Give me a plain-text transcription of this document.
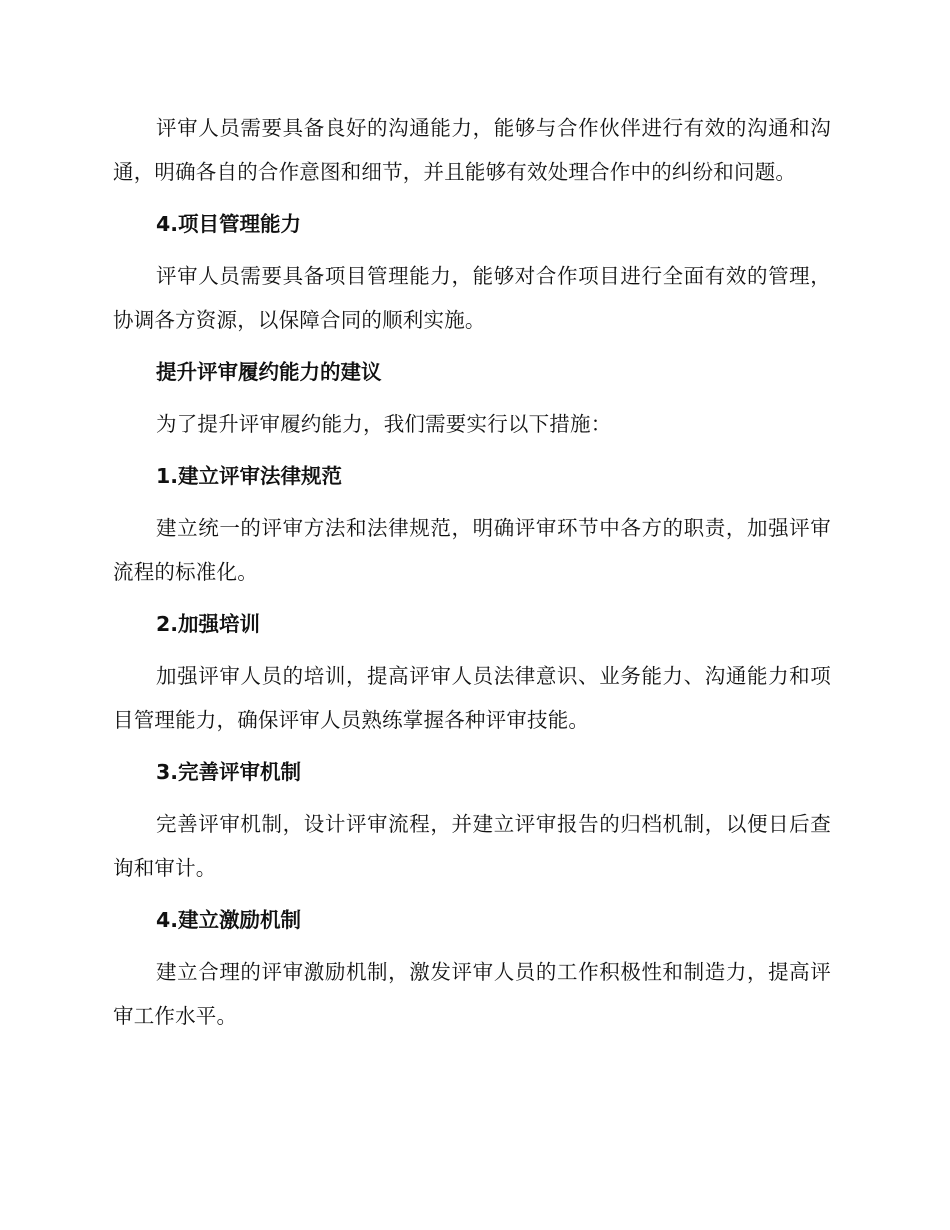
评审人员需要具备良好的沟通能力，能够与合作伙伴进行有效的沟通和沟通，明确各自的合作意图和细节，并且能够有效处理合作中的纠纷和问题。

4.项目管理能力

评审人员需要具备项目管理能力，能够对合作项目进行全面有效的管理，协调各方资源，以保障合同的顺利实施。

提升评审履约能力的建议

为了提升评审履约能力，我们需要实行以下措施：

1.建立评审法律规范

建立统一的评审方法和法律规范，明确评审环节中各方的职责，加强评审流程的标准化。

2.加强培训

加强评审人员的培训，提高评审人员法律意识、业务能力、沟通能力和项目管理能力，确保评审人员熟练掌握各种评审技能。

3.完善评审机制

完善评审机制，设计评审流程，并建立评审报告的归档机制，以便日后查询和审计。

4.建立激励机制

建立合理的评审激励机制，激发评审人员的工作积极性和制造力，提高评审工作水平。
